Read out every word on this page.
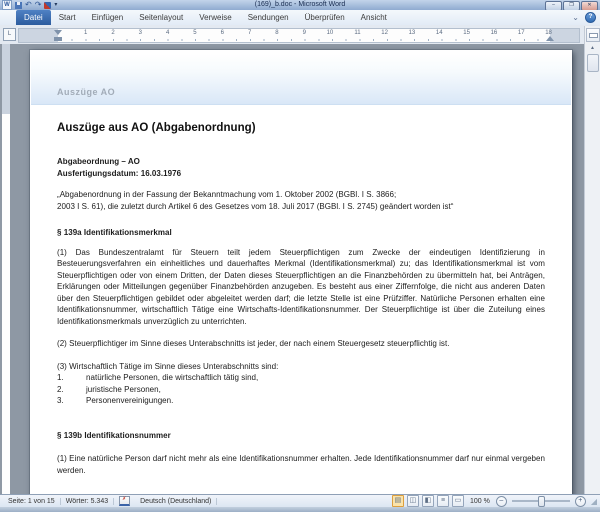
W ↶ ↷ ▾	(169)_b.doc - Microsoft Word	–	❐	✕
Datei	Start	Einfügen	Seitenlayout	Verweise	Sendungen	Überprüfen	Ansicht	⌄	?
L	1	2	3	4	5	6	7	8	9	10	11	12	13	14	15	16	17	18
Auszüge AO
Auszüge aus AO (Abgabenordnung)
Abgabeordnung – AO
Ausfertigungsdatum: 16.03.1976
„Abgabenordnung in der Fassung der Bekanntmachung vom 1. Oktober 2002 (BGBl. I S. 3866;
2003 I S. 61), die zuletzt durch Artikel 6 des Gesetzes vom 18. Juli 2017 (BGBl. I S. 2745) geändert worden ist“
§ 139a Identifikationsmerkmal
(1) Das Bundeszentralamt für Steuern teilt jedem Steuerpflichtigen zum Zwecke der eindeutigen Identifizierung in Besteuerungsverfahren ein einheitliches und dauerhaftes Merkmal (Identifikationsmerkmal) zu; das Identifikationsmerkmal ist vom Steuerpflichtigen oder von einem Dritten, der Daten dieses Steuerpflichtigen an die Finanzbehörden zu übermitteln hat, bei Anträgen, Erklärungen oder Mitteilungen gegenüber Finanzbehörden anzugeben. Es besteht aus einer Ziffernfolge, die nicht aus anderen Daten über den Steuerpflichtigen gebildet oder abgeleitet werden darf; die letzte Stelle ist eine Prüfziffer. Natürliche Personen erhalten eine Identifikationsnummer, wirtschaftlich Tätige eine Wirtschafts-Identifikationsnummer. Der Steuerpflichtige ist über die Zuteilung eines Identifikationsmerkmals unverzüglich zu unterrichten.
(2) Steuerpflichtiger im Sinne dieses Unterabschnitts ist jeder, der nach einem Steuergesetz steuerpflichtig ist.
(3) Wirtschaftlich Tätige im Sinne dieses Unterabschnitts sind:
1.	natürliche Personen, die wirtschaftlich tätig sind,
2.	juristische Personen,
3.	Personenvereinigungen.
§ 139b Identifikationsnummer
(1) Eine natürliche Person darf nicht mehr als eine Identifikationsnummer erhalten. Jede Identifikationsnummer darf nur einmal vergeben werden.
▲
Seite: 1 von 15	Wörter: 5.343	✗	Deutsch (Deutschland)	▤	◫	◧	≡	▭	100 %	–	+	◢
